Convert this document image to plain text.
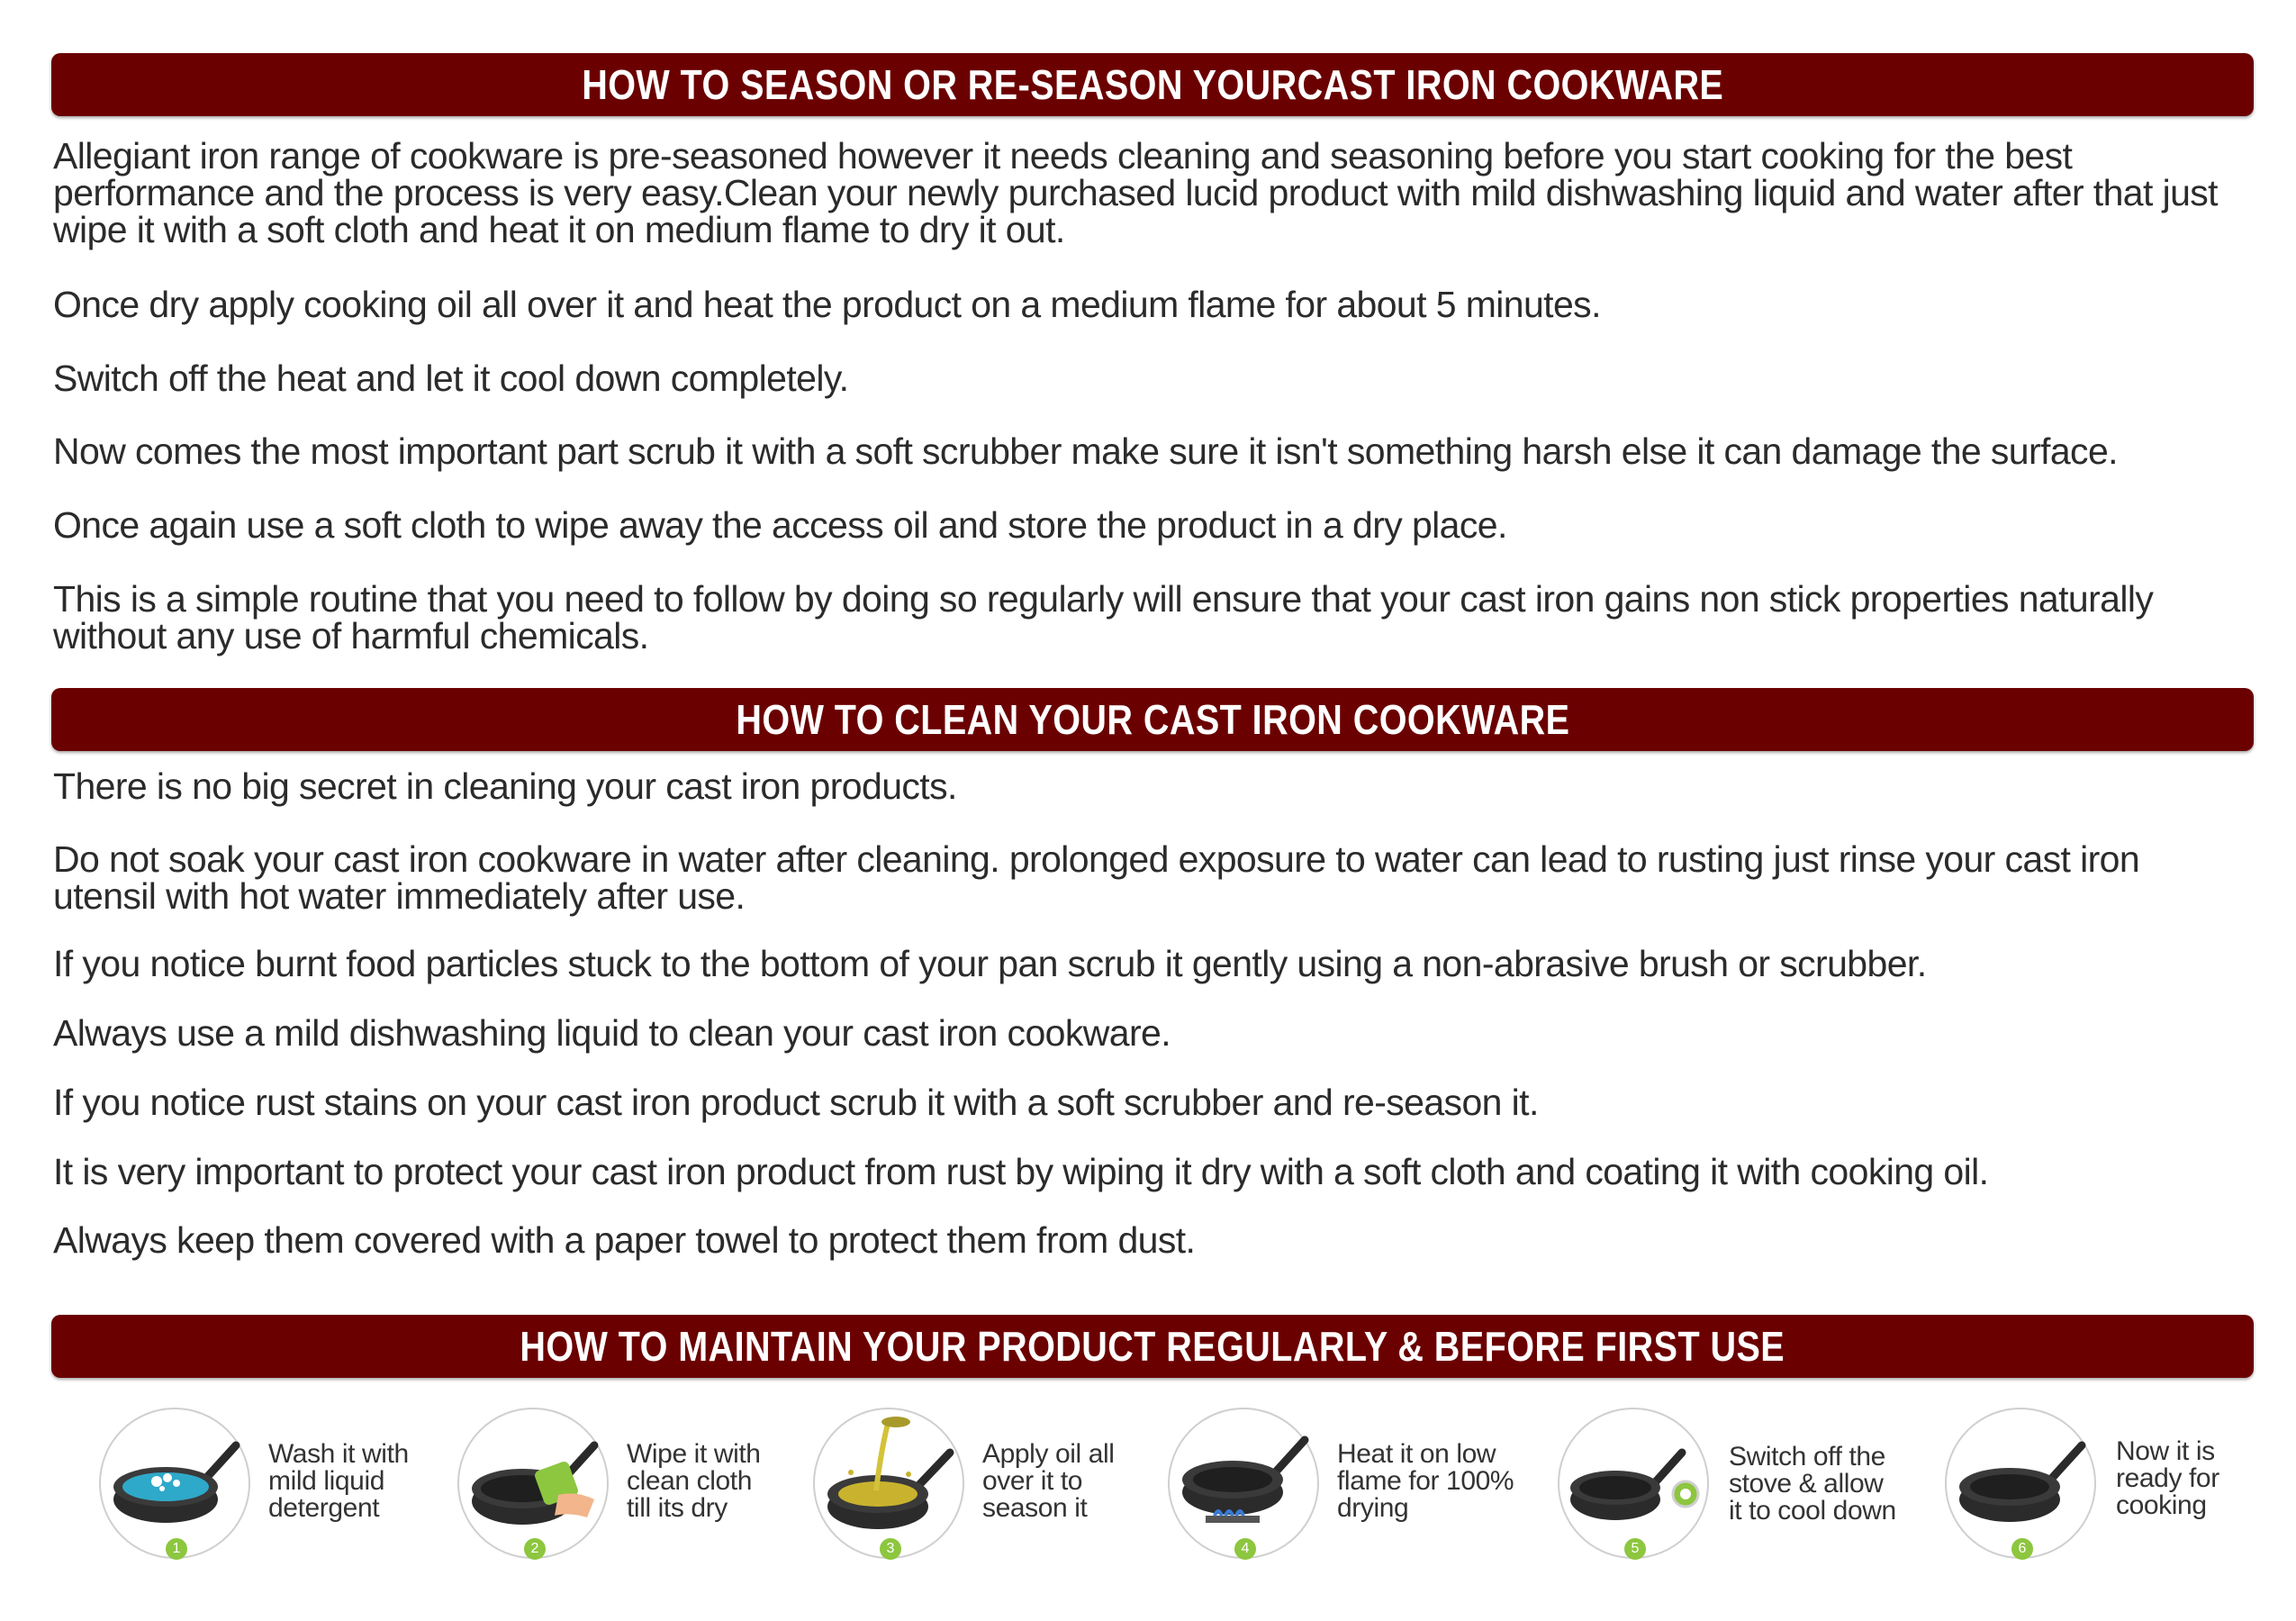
HOW TO SEASON OR RE-SEASON YOURCAST IRON COOKWARE

Allegiant iron range of cookware is pre-seasoned however it needs cleaning and seasoning before you start cooking for the best performance and the process is very easy.Clean your newly purchased lucid product with mild dishwashing liquid and water after that just wipe it with a soft cloth and heat it on medium flame to dry it out.

Once dry apply cooking oil all over it and heat the product on a medium flame for about 5 minutes.

Switch off the heat and let it cool down completely.

Now comes the most important part scrub it with a soft scrubber make sure it isn't something harsh else it can damage the surface.

Once again use a soft cloth to wipe away the access oil and store the product in a dry place.

This is a simple routine that you need to follow by doing so regularly will ensure that your cast iron gains non stick properties naturally without any use of harmful chemicals.

HOW TO CLEAN YOUR CAST IRON COOKWARE

There is no big secret in cleaning your cast iron products.

Do not soak your cast iron cookware in water after cleaning. prolonged exposure to water can lead to rusting just rinse your cast iron utensil with hot water immediately after use.

If you notice burnt food particles stuck to the bottom of your pan scrub it gently using a non-abrasive brush or scrubber.

Always use a mild dishwashing liquid to clean your cast iron cookware.

If you notice rust stains on your cast iron product scrub it with a soft scrubber and re-season it.

It is very important to protect your cast iron product from rust by wiping it dry with a soft cloth and coating it with cooking oil.

Always keep them covered with a paper towel to protect them from dust.

HOW TO MAINTAIN YOUR PRODUCT REGULARLY & BEFORE FIRST USE
1
Wash it with
mild liquid
detergent
2
Wipe it with
clean cloth
till its dry
3
Apply oil all
over it to
season it
4
Heat it on low
flame for 100%
drying
5
Switch off the
stove & allow
it to cool down
6
Now it is
ready for
cooking
